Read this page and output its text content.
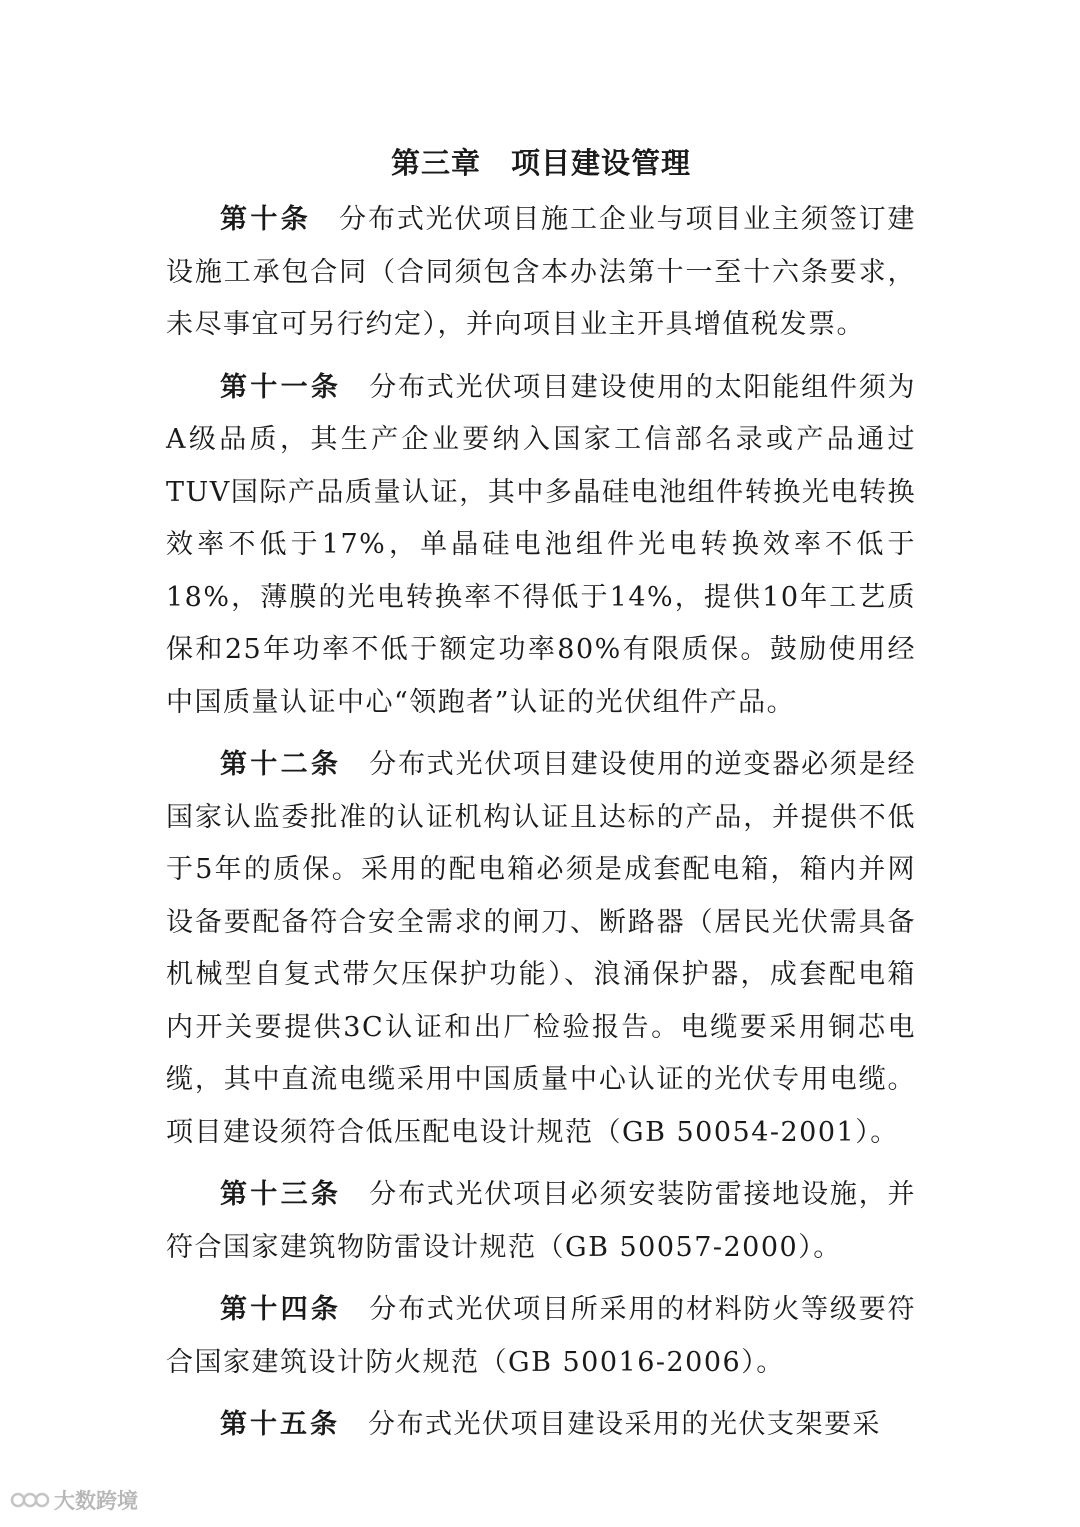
第三章　项目建设管理

第十条 分布式光伏项目施工企业与项目业主须签订建设施工承包合同（合同须包含本办法第十一至十六条要求，未尽事宜可另行约定），并向项目业主开具增值税发票。

第十一条 分布式光伏项目建设使用的太阳能组件须为A级品质，其生产企业要纳入国家工信部名录或产品通过TUV国际产品质量认证，其中多晶硅电池组件转换光电转换效率不低于17%，单晶硅电池组件光电转换效率不低于18%，薄膜的光电转换率不得低于14%，提供10年工艺质保和25年功率不低于额定功率80%有限质保。鼓励使用经中国质量认证中心“领跑者”认证的光伏组件产品。

第十二条 分布式光伏项目建设使用的逆变器必须是经国家认监委批准的认证机构认证且达标的产品，并提供不低于5年的质保。采用的配电箱必须是成套配电箱，箱内并网设备要配备符合安全需求的闸刀、断路器（居民光伏需具备机械型自复式带欠压保护功能）、浪涌保护器，成套配电箱内开关要提供3C认证和出厂检验报告。电缆要采用铜芯电缆，其中直流电缆采用中国质量中心认证的光伏专用电缆。项目建设须符合低压配电设计规范（GB 50054-2001）。

第十三条 分布式光伏项目必须安装防雷接地设施，并符合国家建筑物防雷设计规范（GB 50057-2000）。

第十四条 分布式光伏项目所采用的材料防火等级要符合国家建筑设计防火规范（GB 50016-2006）。

第十五条 分布式光伏项目建设采用的光伏支架要采

大数跨境
